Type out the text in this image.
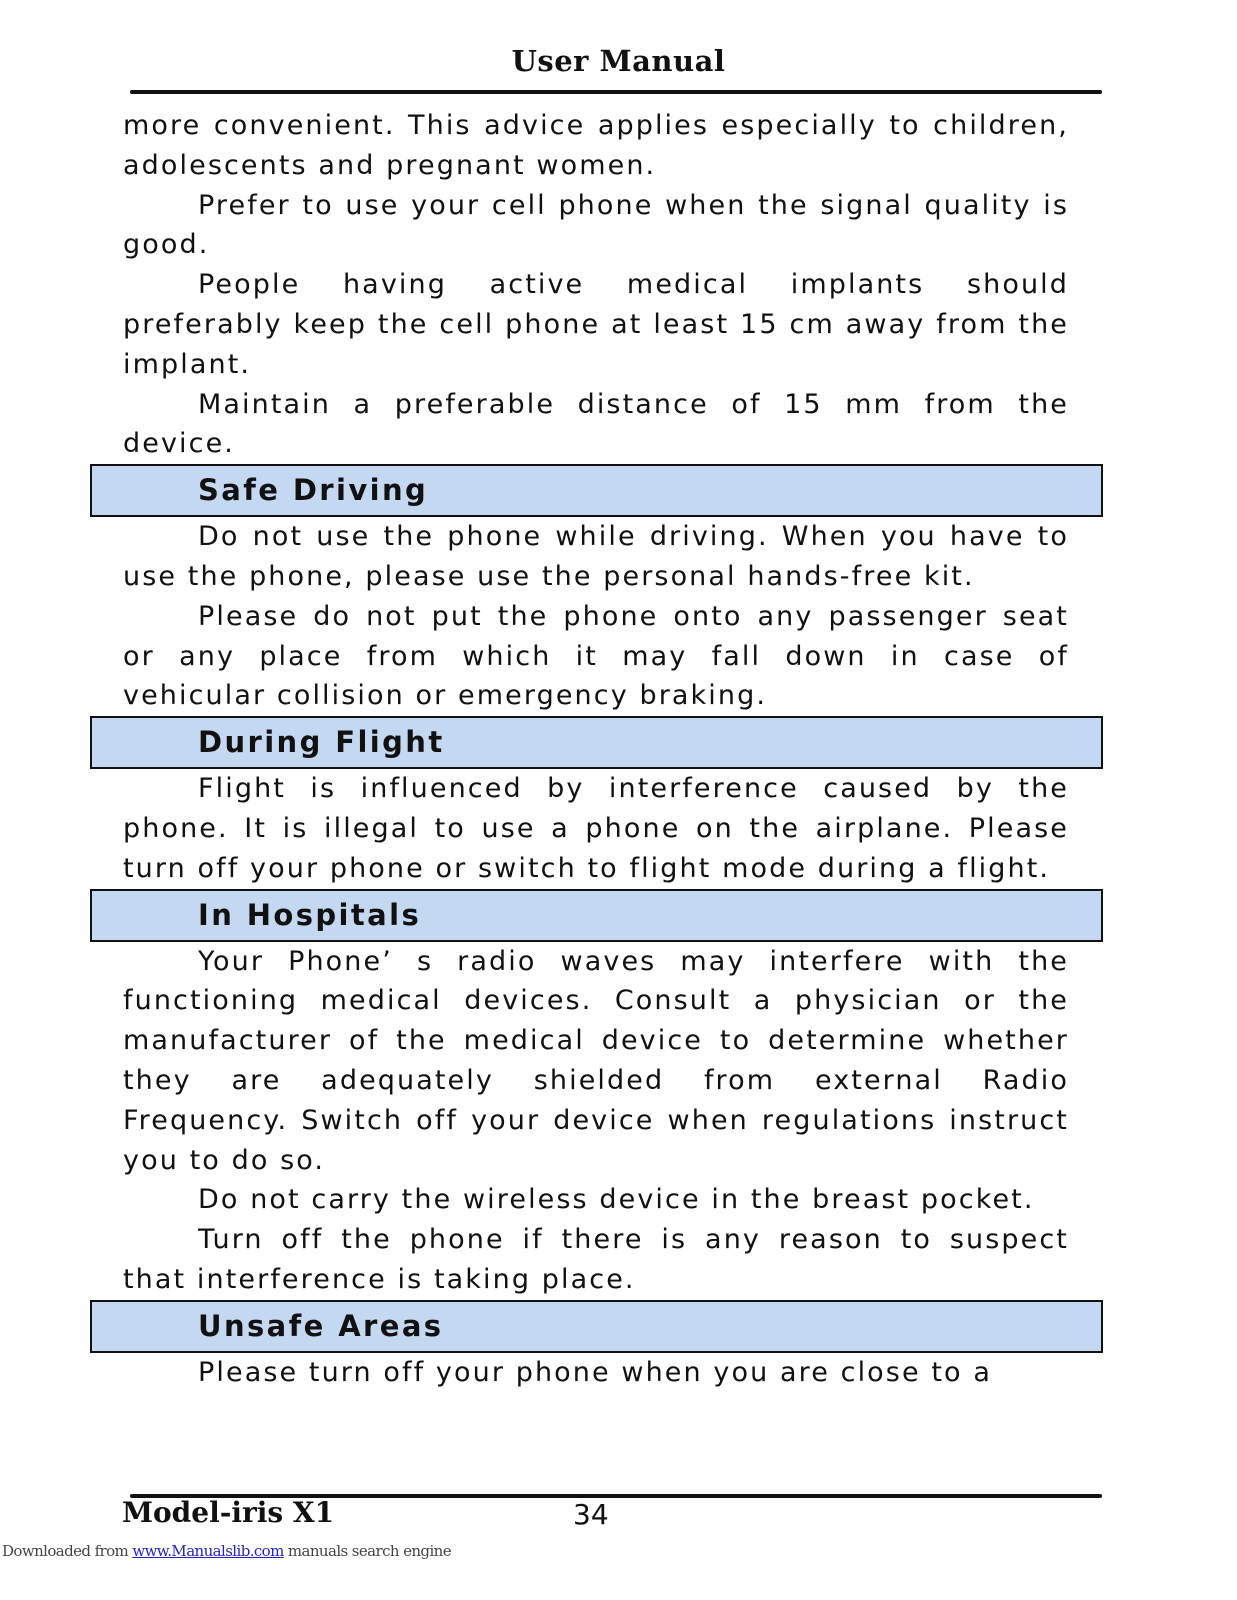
User Manual

more convenient. This advice applies especially to children, adolescents and pregnant women.

Prefer to use your cell phone when the signal quality is good.

People having active medical implants should preferably keep the cell phone at least 15 cm away from the implant.

Maintain a preferable distance of 15 mm from the device.

Safe Driving

Do not use the phone while driving. When you have to use the phone, please use the personal hands-free kit.

Please do not put the phone onto any passenger seat or any place from which it may fall down in case of vehicular collision or emergency braking.

During Flight

Flight is influenced by interference caused by the phone. It is illegal to use a phone on the airplane. Please turn off your phone or switch to flight mode during a flight.

In Hospitals

Your Phone’ s radio waves may interfere with the functioning medical devices. Consult a physician or the manufacturer of the medical device to determine whether they are adequately shielded from external Radio Frequency. Switch off your device when regulations instruct you to do so.

Do not carry the wireless device in the breast pocket.

Turn off the phone if there is any reason to suspect that interference is taking place.

Unsafe Areas

Please turn off your phone when you are close to a

Model-iris X1	34
Downloaded from www.Manualslib.com manuals search engine
